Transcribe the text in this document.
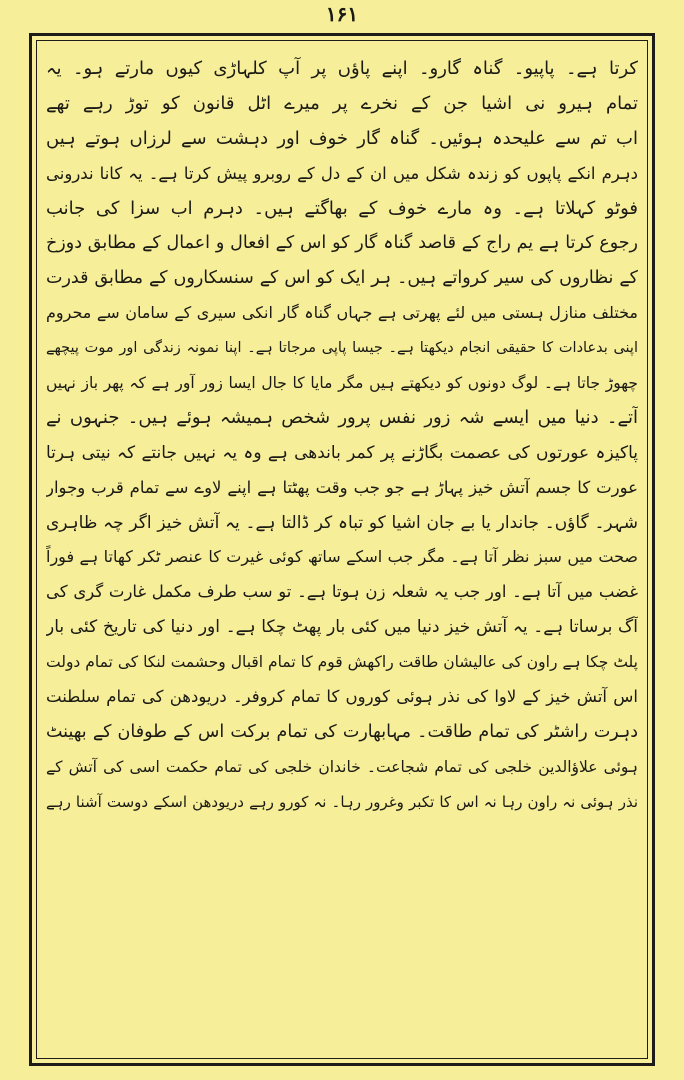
۱۶۱
کرتا ہے۔ پاپیو۔ گناہ گارو۔ اپنے پاؤں پر آپ کلہاڑی کیوں مارتے ہو۔ یہ
تمام ہیرو نی اشیا جن کے نخرے پر میرے اٹل قانون کو توڑ رہے تھے
اب تم سے علیحدہ ہوئیں۔ گناہ گار خوف اور دہشت سے لرزاں ہوتے ہیں
دہرم انکے پاپوں کو زندہ شکل میں ان کے دل کے روبرو پیش کرتا ہے۔ یہ کانا ندرونی
فوٹو کہلاتا ہے۔ وہ مارے خوف کے بھاگتے ہیں۔ دہرم اب سزا کی جانب
رجوع کرتا ہے یم راج کے قاصد گناہ گار کو اس کے افعال و اعمال کے مطابق دوزخ
کے نظاروں کی سیر کرواتے ہیں۔ ہر ایک کو اس کے سنسکاروں کے مطابق قدرت
مختلف منازل ہستی میں لئے پھرتی ہے جہاں گناہ گار انکی سیری کے سامان سے محروم
اپنی بدعادات کا حقیقی انجام دیکھتا ہے۔ جیسا پاپی مرجاتا ہے۔ اپنا نمونہ زندگی اور موت پیچھے
چھوڑ جاتا ہے۔ لوگ دونوں کو دیکھتے ہیں مگر مایا کا جال ایسا زور آور ہے کہ پھر باز نہیں
آتے۔ دنیا میں ایسے شہ زور نفس پرور شخص ہمیشہ ہوئے ہیں۔ جنہوں نے
پاکیزہ عورتوں کی عصمت بگاڑنے پر کمر باندھی ہے وہ یہ نہیں جانتے کہ نیتی ہرتا
عورت کا جسم آتش خیز پہاڑ ہے جو جب وقت پھٹتا ہے اپنے لاوے سے تمام قرب وجوار
شہر۔ گاؤں۔ جاندار یا بے جان اشیا کو تباہ کر ڈالتا ہے۔ یہ آتش خیز اگر چہ ظاہری
صحت میں سبز نظر آتا ہے۔ مگر جب اسکے ساتھ کوئی غیرت کا عنصر ٹکر کھاتا ہے فوراً
غضب میں آتا ہے۔ اور جب یہ شعلہ زن ہوتا ہے۔ تو سب طرف مکمل غارت گری کی
آگ برساتا ہے۔ یہ آتش خیز دنیا میں کئی بار پھٹ چکا ہے۔ اور دنیا کی تاریخ کئی بار
پلٹ چکا ہے راون کی عالیشان طاقت راکھش قوم کا تمام اقبال وحشمت لنکا کی تمام دولت
اس آتش خیز کے لاوا کی نذر ہوئی کوروں کا تمام کروفر۔ دریودھن کی تمام سلطنت
دہرت راشٹر کی تمام طاقت۔ مہابھارت کی تمام برکت اس کے طوفان کے بھینٹ
ہوئی علاؤالدین خلجی کی تمام شجاعت۔ خاندان خلجی کی تمام حکمت اسی کی آتش کے
نذر ہوئی نہ راون رہا نہ اس کا تکبر وغرور رہا۔ نہ کورو رہے دریودھن اسکے دوست آشنا رہے
